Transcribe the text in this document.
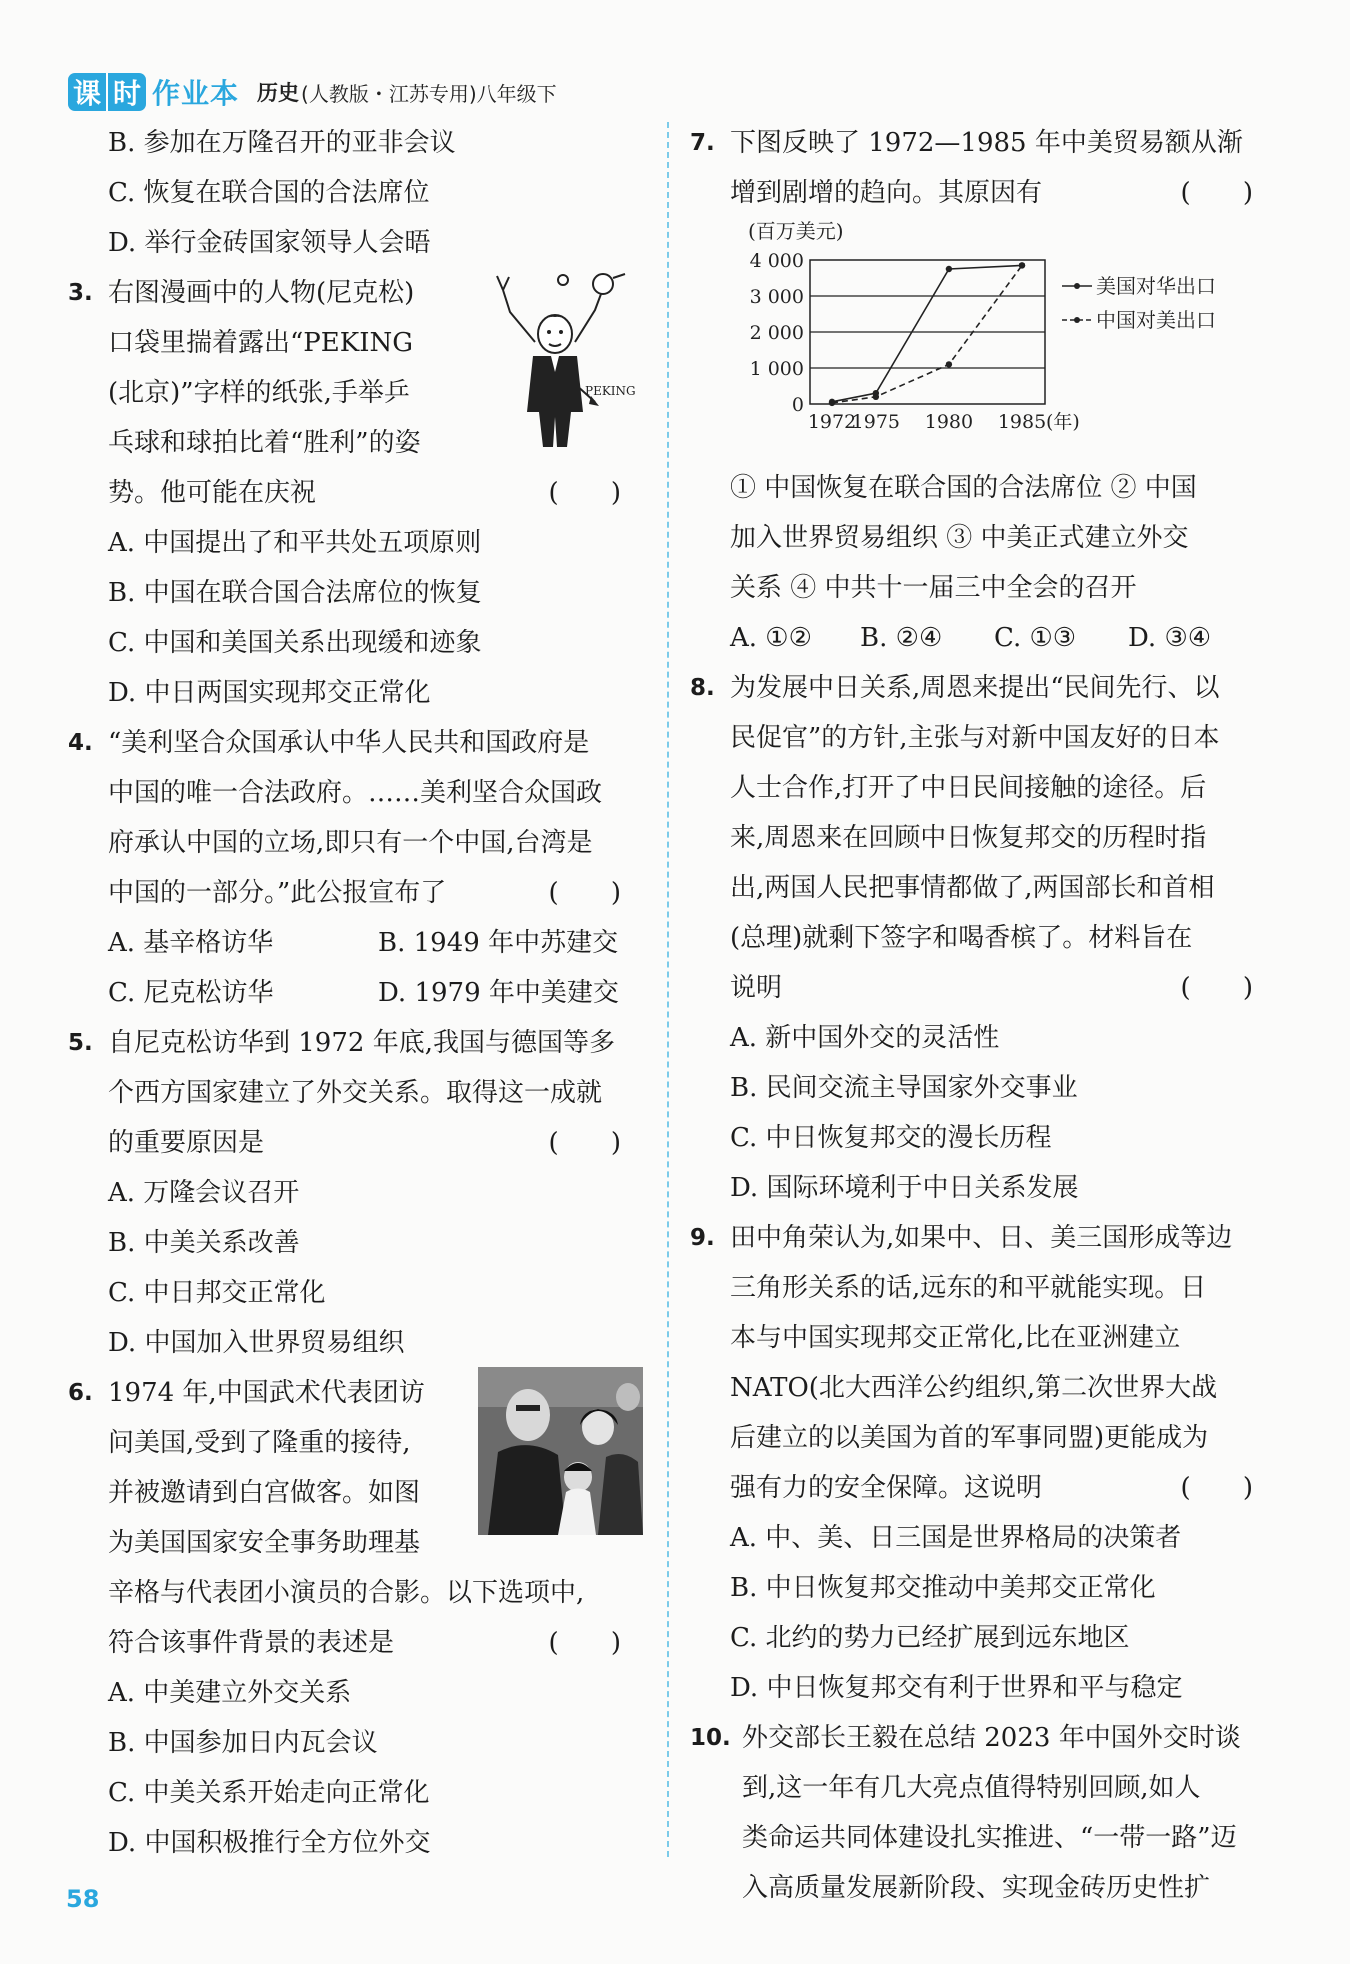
课 时 作业本 历史 (人教版・江苏专用)八年级下
B. 参加在万隆召开的亚非会议
C. 恢复在联合国的合法席位
D. 举行金砖国家领导人会晤
3. 右图漫画中的人物(尼克松)
口袋里揣着露出“PEKING
(北京)”字样的纸张,手举乒
乓球和球拍比着“胜利”的姿
势。他可能在庆祝	( )
A. 中国提出了和平共处五项原则
B. 中国在联合国合法席位的恢复
C. 中国和美国关系出现缓和迹象
D. 中日两国实现邦交正常化
4. “美利坚合众国承认中华人民共和国政府是
中国的唯一合法政府。……美利坚合众国政
府承认中国的立场,即只有一个中国,台湾是
中国的一部分。”此公报宣布了	( )
A. 基辛格访华	B. 1949 年中苏建交
C. 尼克松访华	D. 1979 年中美建交
5. 自尼克松访华到 1972 年底,我国与德国等多
个西方国家建立了外交关系。取得这一成就
的重要原因是	( )
A. 万隆会议召开
B. 中美关系改善
C. 中日邦交正常化
D. 中国加入世界贸易组织
6. 1974 年,中国武术代表团访
问美国,受到了隆重的接待,
并被邀请到白宫做客。如图
为美国国家安全事务助理基
辛格与代表团小演员的合影。以下选项中,
符合该事件背景的表述是	( )
A. 中美建立外交关系
B. 中国参加日内瓦会议
C. 中美关系开始走向正常化
D. 中国积极推行全方位外交
PEKING
7. 下图反映了 1972—1985 年中美贸易额从渐
增到剧增的趋向。其原因有	( )
① 中国恢复在联合国的合法席位 ② 中国
加入世界贸易组织 ③ 中美正式建立外交
关系 ④ 中共十一届三中全会的召开
A. ①② B. ②④ C. ①③ D. ③④
8. 为发展中日关系,周恩来提出“民间先行、以
民促官”的方针,主张与对新中国友好的日本
人士合作,打开了中日民间接触的途径。后
来,周恩来在回顾中日恢复邦交的历程时指
出,两国人民把事情都做了,两国部长和首相
(总理)就剩下签字和喝香槟了。材料旨在
说明	( )
A. 新中国外交的灵活性
B. 民间交流主导国家外交事业
C. 中日恢复邦交的漫长历程
D. 国际环境利于中日关系发展
9. 田中角荣认为,如果中、日、美三国形成等边
三角形关系的话,远东的和平就能实现。日
本与中国实现邦交正常化,比在亚洲建立
NATO(北大西洋公约组织,第二次世界大战
后建立的以美国为首的军事同盟)更能成为
强有力的安全保障。这说明	( )
A. 中、美、日三国是世界格局的决策者
B. 中日恢复邦交推动中美邦交正常化
C. 北约的势力已经扩展到远东地区
D. 中日恢复邦交有利于世界和平与稳定
10. 外交部长王毅在总结 2023 年中国外交时谈
到,这一年有几大亮点值得特别回顾,如人
类命运共同体建设扎实推进、“一带一路”迈
入高质量发展新阶段、实现金砖历史性扩
(百万美元)
0
1 000
2 000
3 000
4 000
1972
1975 1980 1985 (年)
美国对华出口
中国对美出口
58
